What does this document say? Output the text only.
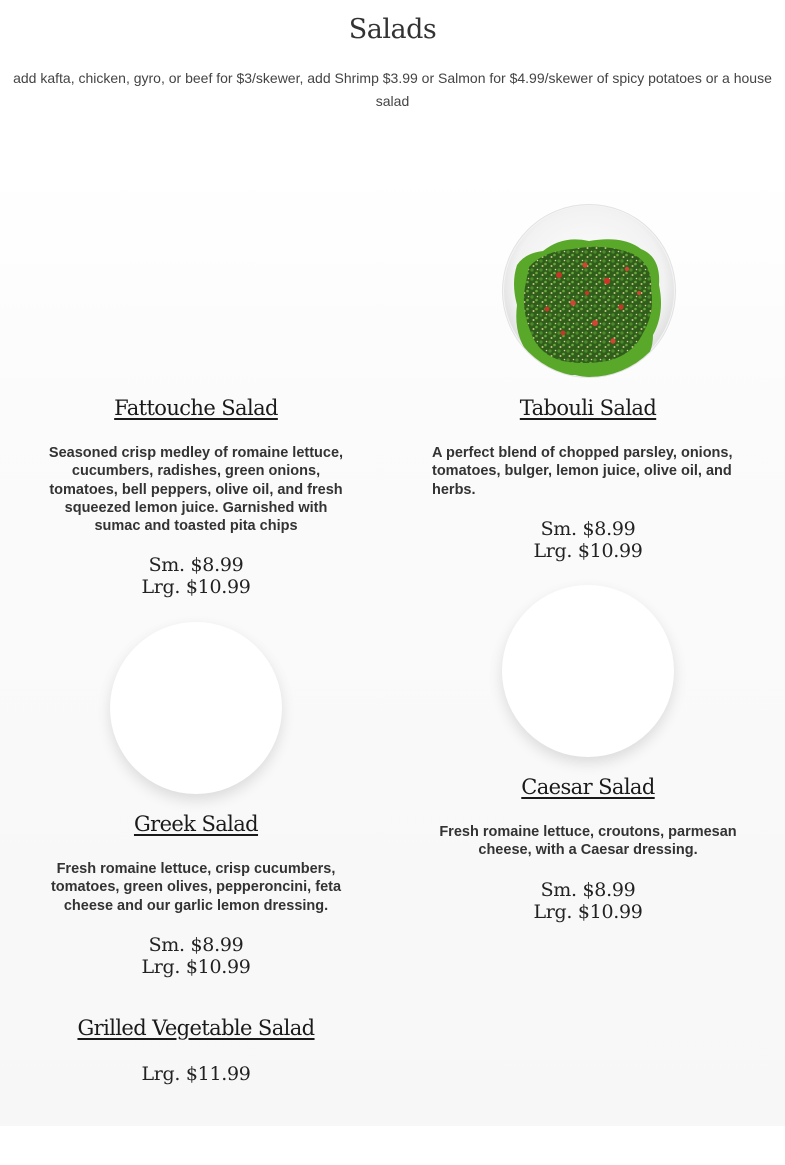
Salads
add kafta, chicken, gyro, or beef for $3/skewer, add Shrimp $3.99 or Salmon for $4.99/skewer of spicy potatoes or a house salad
Fattouche Salad
Seasoned crisp medley of romaine lettuce, cucumbers, radishes, green onions, tomatoes, bell peppers, olive oil, and fresh squeezed lemon juice. Garnished with sumac and toasted pita chips
Sm. $8.99
Lrg. $10.99
Tabouli Salad
A perfect blend of chopped parsley, onions, tomatoes, bulger, lemon juice, olive oil, and herbs.
Sm. $8.99
Lrg. $10.99
Greek Salad
Fresh romaine lettuce, crisp cucumbers, tomatoes, green olives, pepperoncini, feta cheese and our garlic lemon dressing.
Sm. $8.99
Lrg. $10.99
Caesar Salad
Fresh romaine lettuce, croutons, parmesan cheese, with a Caesar dressing.
Sm. $8.99
Lrg. $10.99
Grilled Vegetable Salad
Lrg. $11.99
